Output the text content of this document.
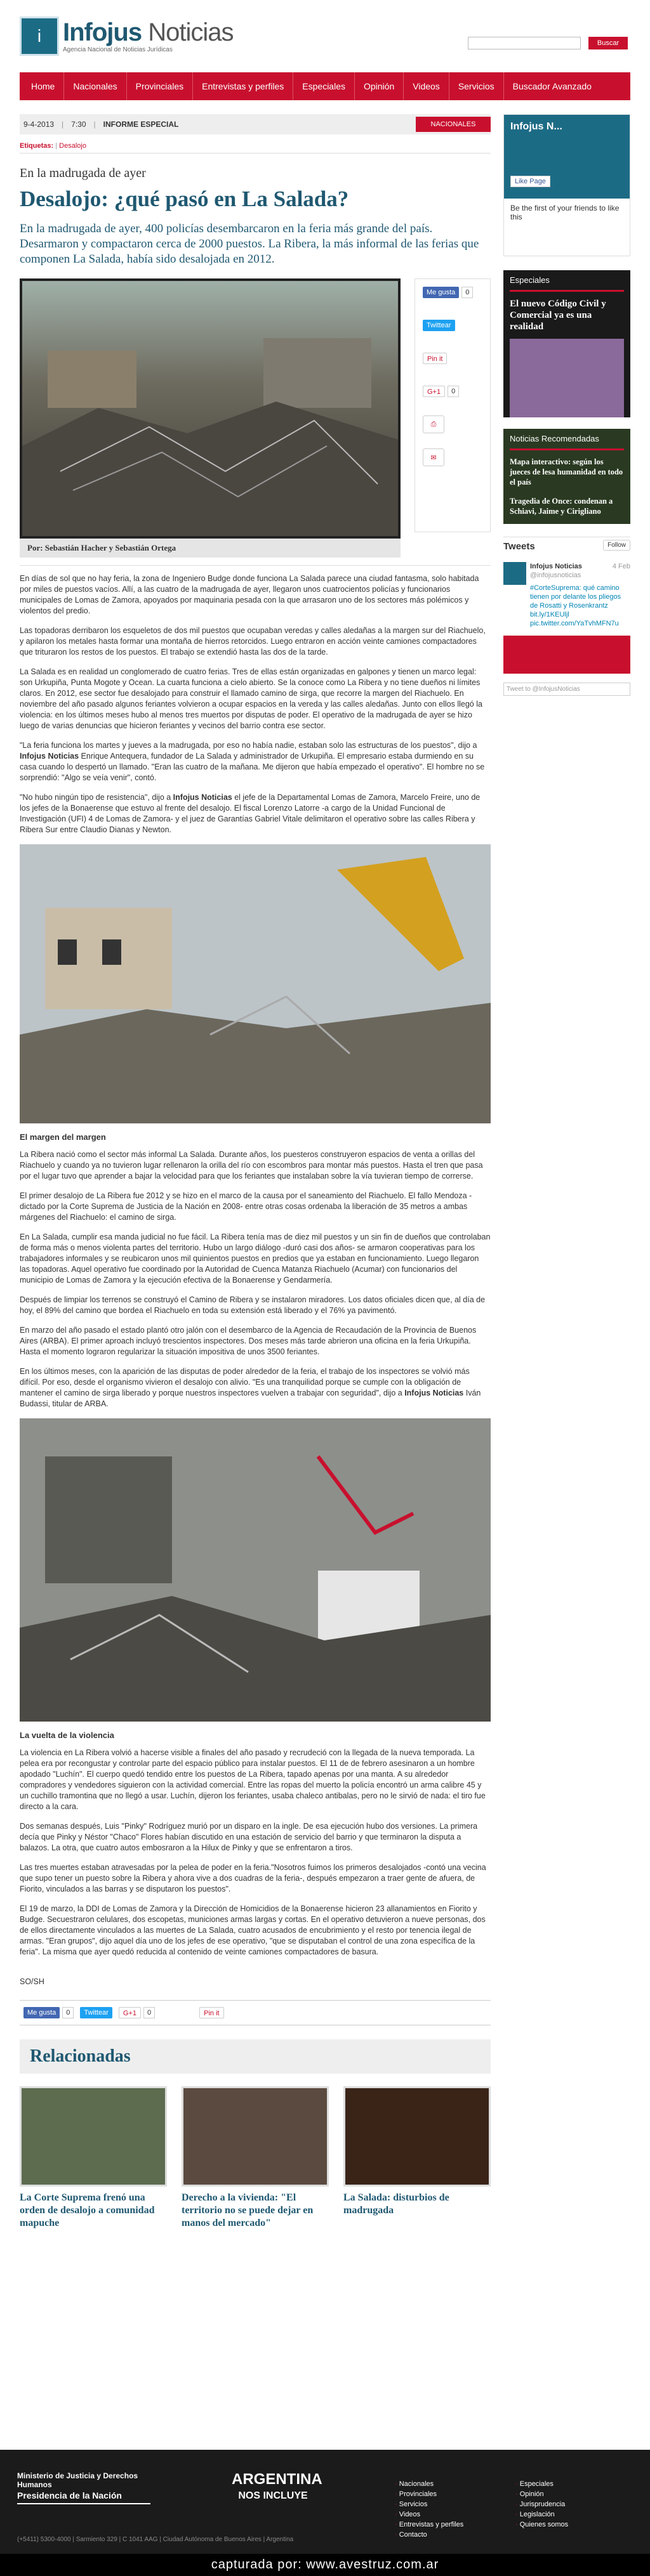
i Infojus Noticias
Agencia Nacional de Noticias Jurídicas
Buscar
Home	Nacionales	Provinciales	Entrevistas y perfiles	Especiales	Opinión	Videos	Servicios	Buscador Avanzado
9-4-2013 | 7:30 | INFORME ESPECIAL	NACIONALES
Etiquetas: | Desalojo
En la madrugada de ayer
Desalojo: ¿qué pasó en La Salada?
En la madrugada de ayer, 400 policías desembarcaron en la feria más grande del país. Desarmaron y compactaron cerca de 2000 puestos. La Ribera, la más informal de las ferias que componen La Salada, había sido desalojada en 2012.
Me gusta	0
Twittear
Pin it
G+1	0
⎙
✉
Por: Sebastián Hacher y Sebastián Ortega

En días de sol que no hay feria, la zona de Ingeniero Budge donde funciona La Salada parece una ciudad fantasma, solo habitada por miles de puestos vacíos. Allí, a las cuatro de la madrugada de ayer, llegaron unos cuatrocientos policías y funcionarios municipales de Lomas de Zamora, apoyados por maquinaria pesada con la que arrasaron uno de los sectores más polémicos y violentos del predio.

Las topadoras derribaron los esqueletos de dos mil puestos que ocupaban veredas y calles aledañas a la margen sur del Riachuelo, y apilaron los metales hasta formar una montaña de hierros retorcidos. Luego entraron en acción veinte camiones compactadores que trituraron los restos de los puestos. El trabajo se extendió hasta las dos de la tarde.

La Salada es en realidad un conglomerado de cuatro ferias. Tres de ellas están organizadas en galpones y tienen un marco legal: son Urkupiña, Punta Mogote y Ocean. La cuarta funciona a cielo abierto. Se la conoce como La Ribera y no tiene dueños ni límites claros. En 2012, ese sector fue desalojado para construir el llamado camino de sirga, que recorre la margen del Riachuelo. En noviembre del año pasado algunos feriantes volvieron a ocupar espacios en la vereda y las calles aledañas. Junto con ellos llegó la violencia: en los últimos meses hubo al menos tres muertos por disputas de poder. El operativo de la madrugada de ayer se hizo luego de varias denuncias que hicieron feriantes y vecinos del barrio contra ese sector.

"La feria funciona los martes y jueves a la madrugada, por eso no había nadie, estaban solo las estructuras de los puestos", dijo a Infojus Noticias Enrique Antequera, fundador de La Salada y administrador de Urkupiña. El empresario estaba durmiendo en su casa cuando lo despertó un llamado. "Eran las cuatro de la mañana. Me dijeron que había empezado el operativo". El hombre no se sorprendió: "Algo se veía venir", contó.

"No hubo ningún tipo de resistencia", dijo a Infojus Noticias el jefe de la Departamental Lomas de Zamora, Marcelo Freire, uno de los jefes de la Bonaerense que estuvo al frente del desalojo. El fiscal Lorenzo Latorre -a cargo de la Unidad Funcional de Investigación (UFI) 4 de Lomas de Zamora- y el juez de Garantías Gabriel Vitale delimitaron el operativo sobre las calles Ribera y Ribera Sur entre Claudio Dianas y Newton.

El margen del margen

La Ribera nació como el sector más informal La Salada. Durante años, los puesteros construyeron espacios de venta a orillas del Riachuelo y cuando ya no tuvieron lugar rellenaron la orilla del río con escombros para montar más puestos. Hasta el tren que pasa por el lugar tuvo que aprender a bajar la velocidad para que los feriantes que instalaban sobre la vía tuvieran tiempo de correrse.

El primer desalojo de La Ribera fue 2012 y se hizo en el marco de la causa por el saneamiento del Riachuelo. El fallo Mendoza -dictado por la Corte Suprema de Justicia de la Nación en 2008- entre otras cosas ordenaba la liberación de 35 metros a ambas márgenes del Riachuelo: el camino de sirga.

En La Salada, cumplir esa manda judicial no fue fácil. La Ribera tenía mas de diez mil puestos y un sin fin de dueños que controlaban de forma más o menos violenta partes del territorio. Hubo un largo diálogo -duró casi dos años- se armaron cooperativas para los trabajadores informales y se reubicaron unos mil quinientos puestos en predios que ya estaban en funcionamiento. Luego llegaron las topadoras. Aquel operativo fue coordinado por la Autoridad de Cuenca Matanza Riachuelo (Acumar) con funcionarios del municipio de Lomas de Zamora y la ejecución efectiva de la Bonaerense y Gendarmería.

Después de limpiar los terrenos se construyó el Camino de Ribera y se instalaron miradores. Los datos oficiales dicen que, al día de hoy, el 89% del camino que bordea el Riachuelo en toda su extensión está liberado y el 76% ya pavimentó.

En marzo del año pasado el estado plantó otro jalón con el desembarco de la Agencia de Recaudación de la Provincia de Buenos Aires (ARBA). El primer aproach incluyó trescientos inspectores. Dos meses más tarde abrieron una oficina en la feria Urkupiña. Hasta el momento lograron regularizar la situación impositiva de unos 3500 feriantes.

En los últimos meses, con la aparición de las disputas de poder alrededor de la feria, el trabajo de los inspectores se volvió más difícil. Por eso, desde el organismo vivieron el desalojo con alivio. "Es una tranquilidad porque se cumple con la obligación de mantener el camino de sirga liberado y porque nuestros inspectores vuelven a trabajar con seguridad", dijo a Infojus Noticias Iván Budassi, titular de ARBA.

La vuelta de la violencia

La violencia en La Ribera volvió a hacerse visible a finales del año pasado y recrudeció con la llegada de la nueva temporada. La pelea era por recongustar y controlar parte del espacio público para instalar puestos. El 11 de de febrero asesinaron a un hombre apodado "Luchín". El cuerpo quedó tendido entre los puestos de La Ribera, tapado apenas por una manta. A su alrededor compradores y vendedores siguieron con la actividad comercial. Entre las ropas del muerto la policía encontró un arma calibre 45 y un cuchillo tramontina que no llegó a usar. Luchín, dijeron los feriantes, usaba chaleco antibalas, pero no le sirvió de nada: el tiro fue directo a la cara.

Dos semanas después, Luis "Pinky" Rodríguez murió por un disparo en la ingle. De esa ejecución hubo dos versiones. La primera decía que Pinky y Néstor "Chaco" Flores habían discutido en una estación de servicio del barrio y que terminaron la disputa a balazos. La otra, que cuatro autos embosraron a la Hilux de Pinky y que se enfrentaron a tiros.

Las tres muertes estaban atravesadas por la pelea de poder en la feria."Nosotros fuimos los primeros desalojados -contó una vecina que supo tener un puesto sobre la Ribera y ahora vive a dos cuadras de la feria-, después empezaron a traer gente de afuera, de Fiorito, vinculados a las barras y se disputaron los puestos".

El 19 de marzo, la DDI de Lomas de Zamora y la Dirección de Homicidios de la Bonaerense hicieron 23 allanamientos en Fiorito y Budge. Secuestraron celulares, dos escopetas, municiones armas largas y cortas. En el operativo detuvieron a nueve personas, dos de ellos directamente vinculados a las muertes de La Salada, cuatro acusados de encubrimiento y el resto por tenencia ilegal de armas. "Eran grupos", dijo aquel día uno de los jefes de ese operativo, "que se disputaban el control de una zona específica de la feria". La misma que ayer quedó reducida al contenido de veinte camiones compactadores de basura.

SO/SH

Me gusta	0	Twittear	G+1	0	Pin it
Relacionadas
La Corte Suprema frenó una orden de desalojo a comunidad mapuche
Derecho a la vivienda: "El territorio no se puede dejar en manos del mercado"
La Salada: disturbios de madrugada
Infojus N...
Like Page
Be the first of your friends to like this
Especiales
El nuevo Código Civil y Comercial ya es una realidad
Noticias Recomendadas
Mapa interactivo: según los jueces de lesa humanidad en todo el país
Tragedia de Once: condenan a Schiavi, Jaime y Cirigliano
Tweets	Follow
Infojus Noticias	4 Feb
@infojusnoticias
#CorteSuprema: qué camino tienen por delante los pliegos de Rosatti y Rosenkrantz
bit.ly/1KEUljl pic.twitter.com/YaTvhMFN7u
Tweet to @InfojusNoticias
Ministerio de Justicia y Derechos Humanos
Presidencia de la Nación
(+5411) 5300-4000 | Sarmiento 329 | C 1041 AAG | Ciudad Autónoma de Buenos Aires | Argentina
ARGENTINA
NOS INCLUYE
· Nacionales
· Provinciales
· Servicios
· Videos
· Entrevistas y perfiles
· Contacto
· Especiales
· Opinión
· Jurisprudencia
· Legislación
· Quienes somos
capturada por: www.avestruz.com.ar
